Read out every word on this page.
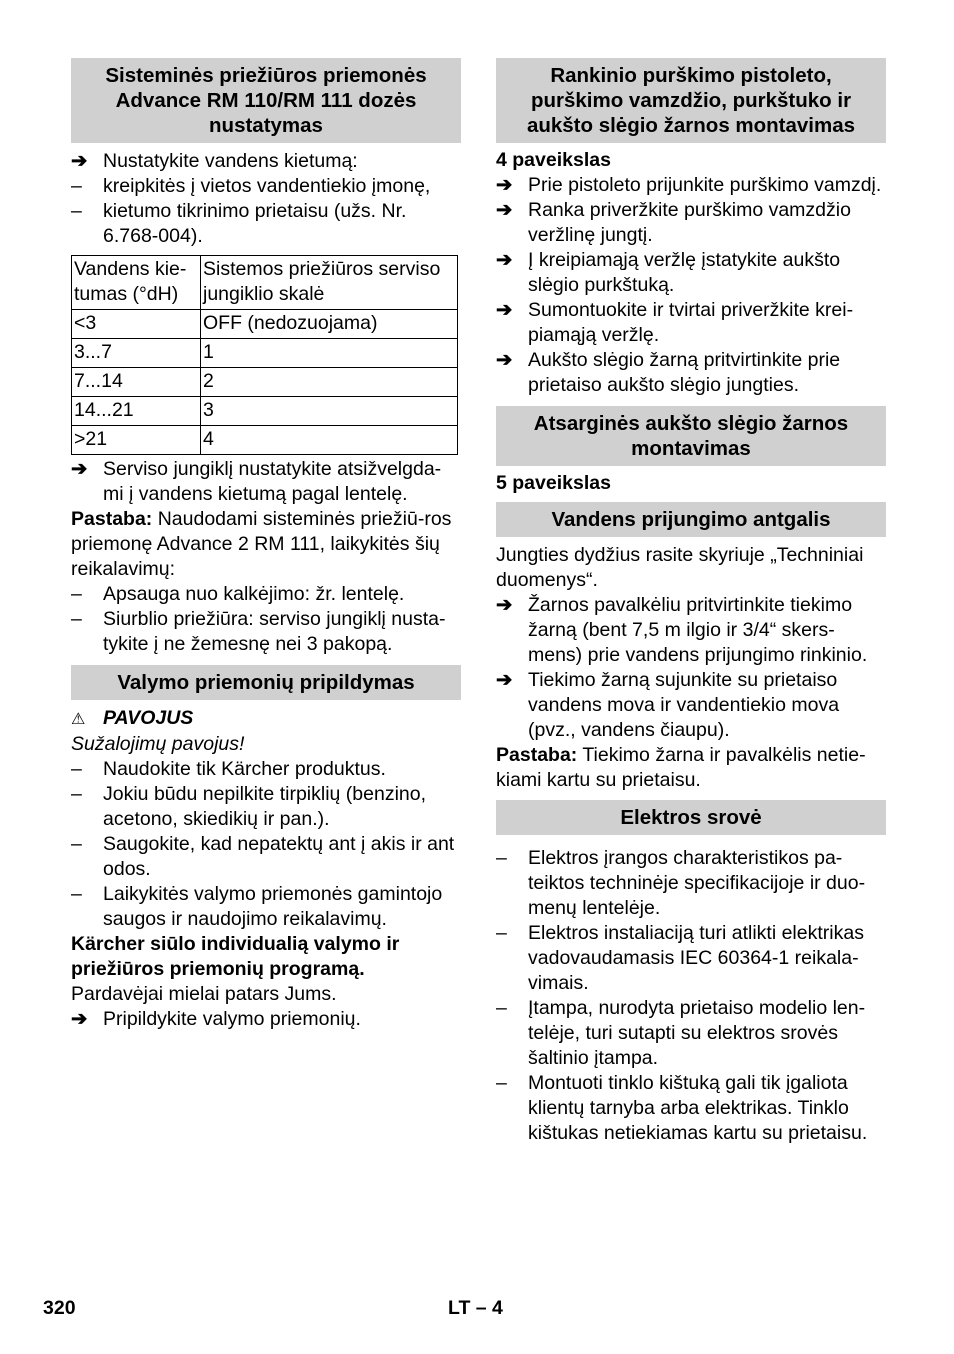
Sisteminės priežiūros priemonės Advance RM 110/RM 111 dozės nustatymas
➔ Nustatykite vandens kietumą:
–	kreipkitės į vietos vandentiekio įmonę,
–	kietumo tikrinimo prietaisu (užs. Nr. 6.768-004).
Vandens kie-tumas (°dH)	Sistemos priežiūros serviso jungiklio skalė
<3	OFF (nedozuojama)
3...7	1
7...14	2
14...21	3
>21	4
➔ Serviso jungiklį nustatykite atsižvelgda-mi į vandens kietumą pagal lentelę.
Pastaba: Naudodami sisteminės priežiū-ros priemonę Advance 2 RM 111, laikykitės šių reikalavimų:
–	Apsauga nuo kalkėjimo: žr. lentelę.
–	Siurblio priežiūra: serviso jungiklį nusta-tykite į ne žemesnę nei 3 pakopą.
Valymo priemonių pripildymas
⚠ PAVOJUS
Sužalojimų pavojus!
–	Naudokite tik Kärcher produktus.
–	Jokiu būdu nepilkite tirpiklių (benzino, acetono, skiedikių ir pan.).
–	Saugokite, kad nepatektų ant į akis ir ant odos.
–	Laikykitės valymo priemonės gamintojo saugos ir naudojimo reikalavimų.
Kärcher siūlo individualią valymo ir priežiūros priemonių programą.
Pardavėjai mielai patars Jums.
➔ Pripildykite valymo priemonių.
Rankinio purškimo pistoleto, purškimo vamzdžio, purkštuko ir aukšto slėgio žarnos montavimas
4 paveikslas
➔ Prie pistoleto prijunkite purškimo vamzdį.
➔ Ranka priveržkite purškimo vamzdžio veržlinę jungtį.
➔ Į kreipiamąją veržlę įstatykite aukšto slėgio purkštuką.
➔ Sumontuokite ir tvirtai priveržkite krei-piamąją veržlę.
➔ Aukšto slėgio žarną pritvirtinkite prie prietaiso aukšto slėgio jungties.
Atsarginės aukšto slėgio žarnos montavimas
5 paveikslas
Vandens prijungimo antgalis
Jungties dydžius rasite skyriuje „Techniniai duomenys“.
➔ Žarnos pavalkėliu pritvirtinkite tiekimo žarną (bent 7,5 m ilgio ir 3/4“ skers-mens) prie vandens prijungimo rinkinio.
➔ Tiekimo žarną sujunkite su prietaiso vandens mova ir vandentiekio mova (pvz., vandens čiaupu).
Pastaba: Tiekimo žarna ir pavalkėlis netie-kiami kartu su prietaisu.
Elektros srovė
–	Elektros įrangos charakteristikos pa-teiktos techninėje specifikacijoje ir duo-menų lentelėje.
–	Elektros instaliaciją turi atlikti elektrikas vadovaudamasis IEC 60364-1 reikala-vimais.
–	Įtampa, nurodyta prietaiso modelio len-telėje, turi sutapti su elektros srovės šaltinio įtampa.
–	Montuoti tinklo kištuką gali tik įgaliota klientų tarnyba arba elektrikas. Tinklo kištukas netiekiamas kartu su prietaisu.
320	LT – 4
